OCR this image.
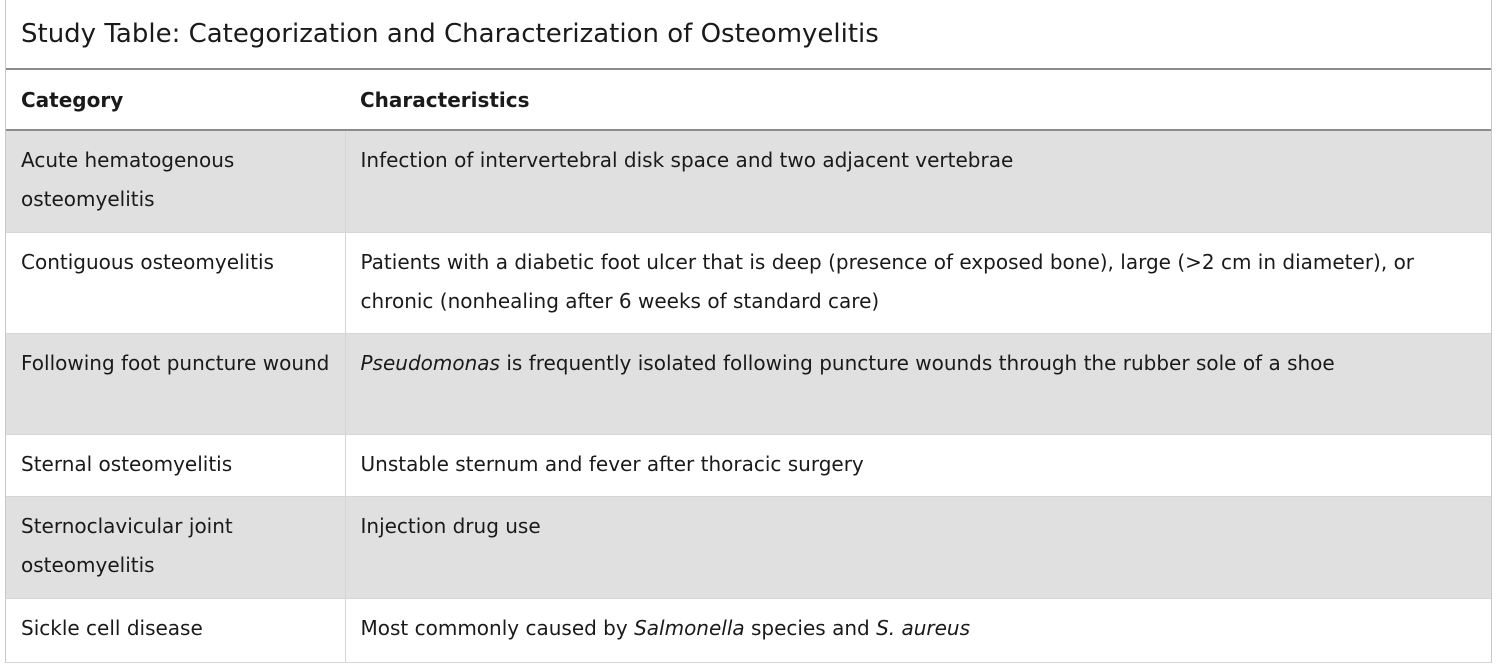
Study Table: Categorization and Characterization of Osteomyelitis
Category	Characteristics
Acute hematogenous osteomyelitis	Infection of intervertebral disk space and two adjacent vertebrae
Contiguous osteomyelitis	Patients with a diabetic foot ulcer that is deep (presence of exposed bone), large (>2 cm in diameter), or chronic (nonhealing after 6 weeks of standard care)
Following foot puncture wound	Pseudomonas is frequently isolated following puncture wounds through the rubber sole of a shoe
Sternal osteomyelitis	Unstable sternum and fever after thoracic surgery
Sternoclavicular joint osteomyelitis	Injection drug use
Sickle cell disease	Most commonly caused by Salmonella species and S. aureus
